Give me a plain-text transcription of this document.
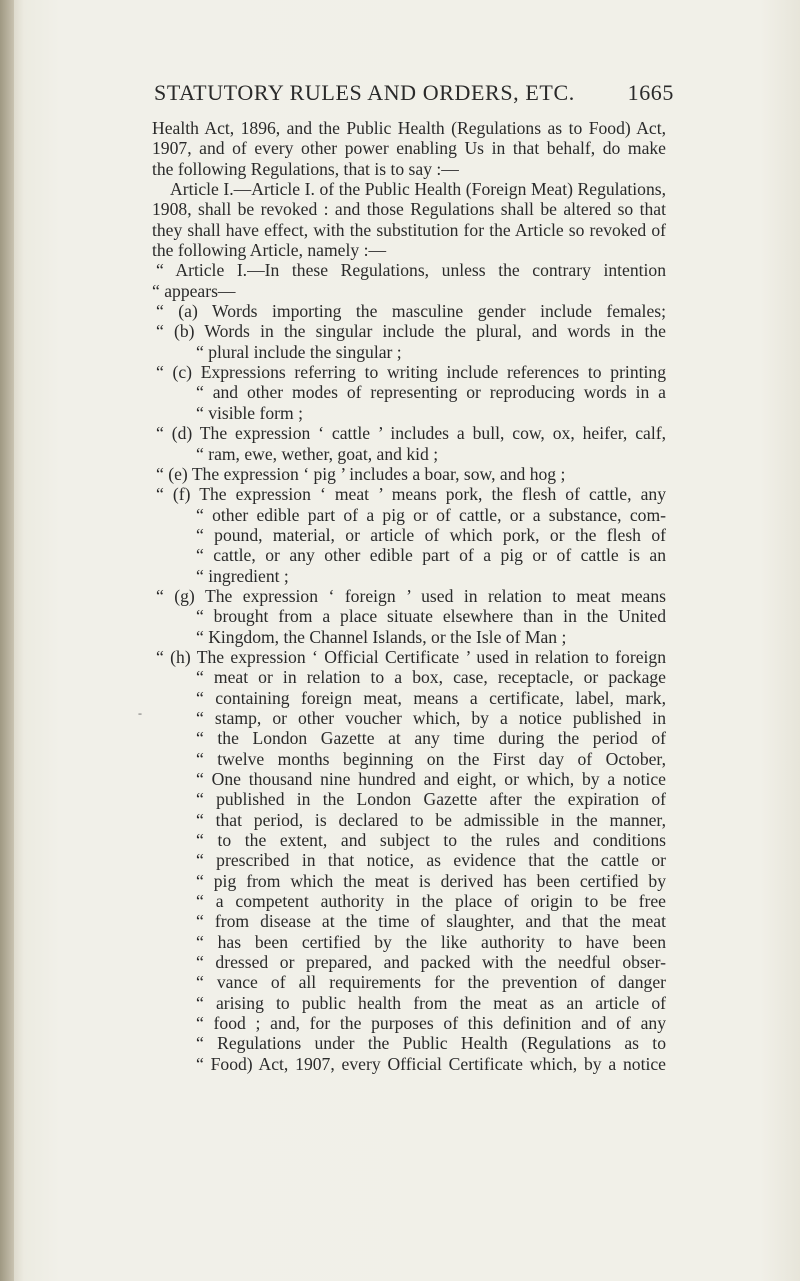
STATUTORY RULES AND ORDERS, ETC. 1665
-
Health Act, 1896, and the Public Health (Regulations as to Food) Act,
1907, and of every other power enabling Us in that behalf, do make
the following Regulations, that is to say :—
Article I.—Article I. of the Public Health (Foreign Meat) Regulations,
1908, shall be revoked : and those Regulations shall be altered so that
they shall have effect, with the substitution for the Article so revoked of
the following Article, namely :—
“ Article I.—In these Regulations, unless the contrary intention
“ appears—
“ (a) Words importing the masculine gender include females;
“ (b) Words in the singular include the plural, and words in the
“ plural include the singular ;
“ (c) Expressions referring to writing include references to printing
“ and other modes of representing or reproducing words in a
“ visible form ;
“ (d) The expression ‘ cattle ’ includes a bull, cow, ox, heifer, calf,
“ ram, ewe, wether, goat, and kid ;
“ (e) The expression ‘ pig ’ includes a boar, sow, and hog ;
“ (f) The expression ‘ meat ’ means pork, the flesh of cattle, any
“ other edible part of a pig or of cattle, or a substance, com-
“ pound, material, or article of which pork, or the flesh of
“ cattle, or any other edible part of a pig or of cattle is an
“ ingredient ;
“ (g) The expression ‘ foreign ’ used in relation to meat means
“ brought from a place situate elsewhere than in the United
“ Kingdom, the Channel Islands, or the Isle of Man ;
“ (h) The expression ‘ Official Certificate ’ used in relation to foreign
“ meat or in relation to a box, case, receptacle, or package
“ containing foreign meat, means a certificate, label, mark,
“ stamp, or other voucher which, by a notice published in
“ the London Gazette at any time during the period of
“ twelve months beginning on the First day of October,
“ One thousand nine hundred and eight, or which, by a notice
“ published in the London Gazette after the expiration of
“ that period, is declared to be admissible in the manner,
“ to the extent, and subject to the rules and conditions
“ prescribed in that notice, as evidence that the cattle or
“ pig from which the meat is derived has been certified by
“ a competent authority in the place of origin to be free
“ from disease at the time of slaughter, and that the meat
“ has been certified by the like authority to have been
“ dressed or prepared, and packed with the needful obser-
“ vance of all requirements for the prevention of danger
“ arising to public health from the meat as an article of
“ food ; and, for the purposes of this definition and of any
“ Regulations under the Public Health (Regulations as to
“ Food) Act, 1907, every Official Certificate which, by a notice
